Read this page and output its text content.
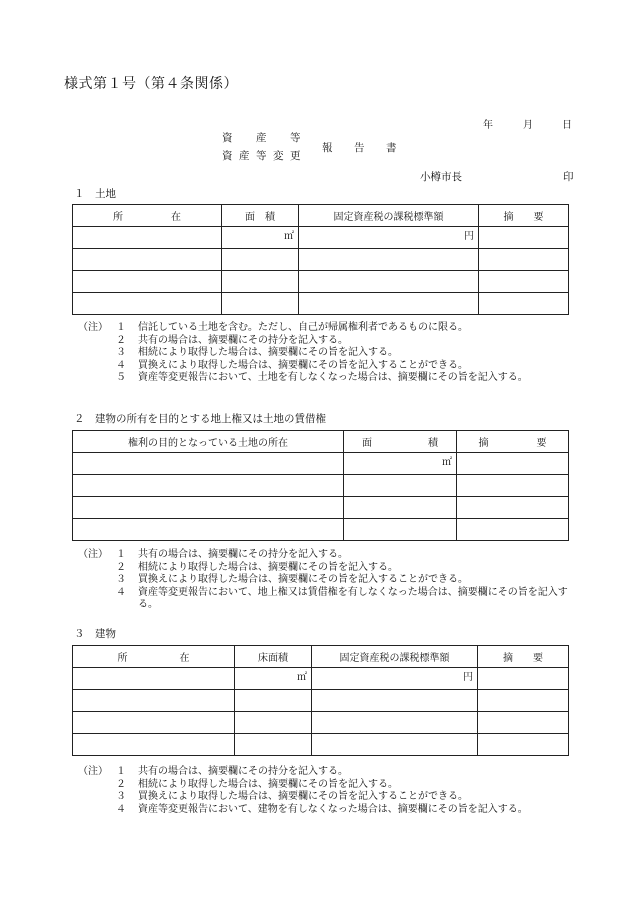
様式第１号（第４条関係）
年	月	日
資 産 等
資 産 等 変 更
報 告 書
小樽市長	印
１　土地
所 在	面　積	固定資産税の課税標準額	摘　　要
	㎡	円	

（注） １	信託している土地を含む。ただし、自己が帰属権利者であるものに限る。
２	共有の場合は、摘要欄にその持分を記入する。
３	相続により取得した場合は、摘要欄にその旨を記入する。
４	買換えにより取得した場合は、摘要欄にその旨を記入することができる。
５	資産等変更報告において、土地を有しなくなった場合は、摘要欄にその旨を記入する。
２　建物の所有を目的とする地上権又は土地の賃借権
権利の目的となっている土地の所在	面 積	摘 要
	㎡	

（注） １	共有の場合は、摘要欄にその持分を記入する。
２	相続により取得した場合は、摘要欄にその旨を記入する。
３	買換えにより取得した場合は、摘要欄にその旨を記入することができる。
４	資産等変更報告において、地上権又は賃借権を有しなくなった場合は、摘要欄にその旨を記入する。
３　建物
所 在	床面積	固定資産税の課税標準額	摘　　要
	㎡	円	

（注） １	共有の場合は、摘要欄にその持分を記入する。
２	相続により取得した場合は、摘要欄にその旨を記入する。
３	買換えにより取得した場合は、摘要欄にその旨を記入することができる。
４	資産等変更報告において、建物を有しなくなった場合は、摘要欄にその旨を記入する。
